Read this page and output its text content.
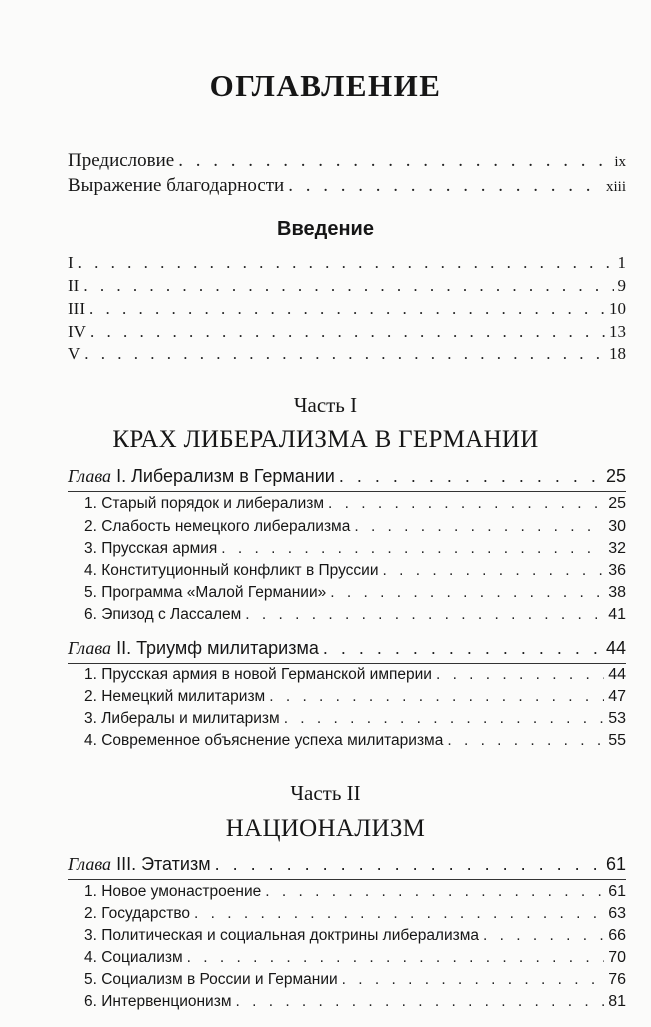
ОГЛАВЛЕНИЕ
Предисловие . . .	ix
Выражение благодарности . . .	xiii
Введение
I . . .	1
II . . .	9
III . . .	10
IV . . .	13
V . . .	18
Часть I
КРАХ ЛИБЕРАЛИЗМА В ГЕРМАНИИ
Глава I. Либерализм в Германии . . .	25
1. Старый порядок и либерализм . . .	25
2. Слабость немецкого либерализма . . .	30
3. Прусская армия . . .	32
4. Конституционный конфликт в Пруссии . . .	36
5. Программа «Малой Германии» . . .	38
6. Эпизод с Лассалем . . .	41
Глава II. Триумф милитаризма . . .	44
1. Прусская армия в новой Германской империи . . .	44
2. Немецкий милитаризм . . .	47
3. Либералы и милитаризм . . .	53
4. Современное объяснение успеха милитаризма . . .	55
Часть II
НАЦИОНАЛИЗМ
Глава III. Этатизм . . .	61
1. Новое умонастроение . . .	61
2. Государство . . .	63
3. Политическая и социальная доктрины либерализма . . .	66
4. Социализм . . .	70
5. Социализм в России и Германии . . .	76
6. Интервенционизм . . .	81
